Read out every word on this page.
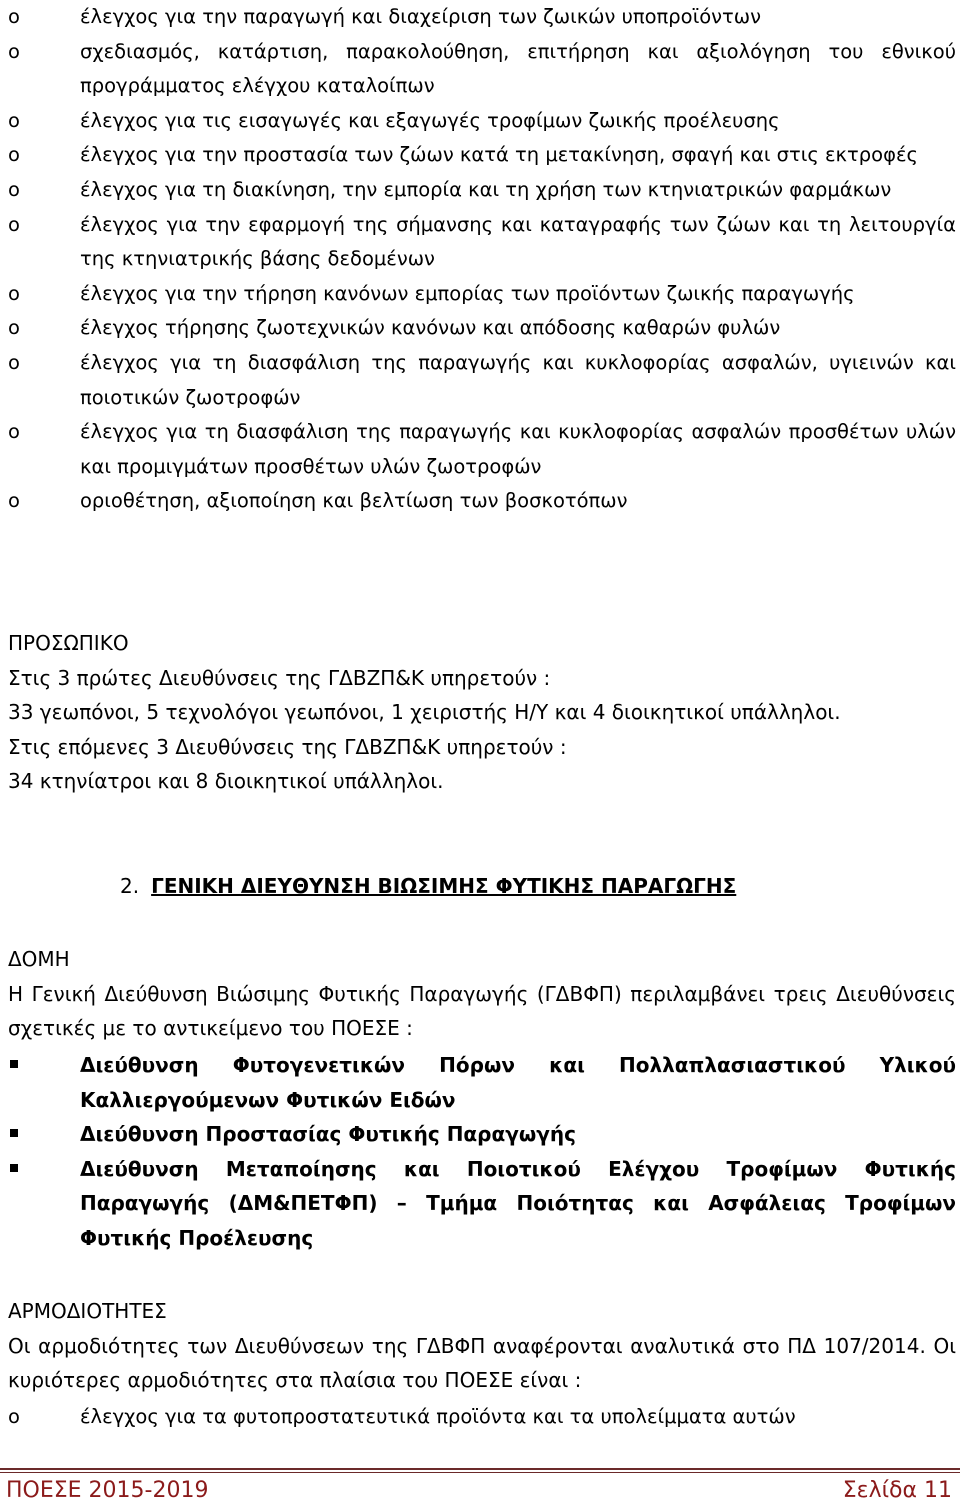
o	έλεγχος για την παραγωγή και διαχείριση των ζωικών υποπροϊόντων
o	σχεδιασμός, κατάρτιση, παρακολούθηση, επιτήρηση και αξιολόγηση του εθνικού προγράμματος ελέγχου καταλοίπων
o	έλεγχος για τις εισαγωγές και εξαγωγές τροφίμων ζωικής προέλευσης
o	έλεγχος για την προστασία των ζώων κατά τη μετακίνηση, σφαγή και στις εκτροφές
o	έλεγχος για τη διακίνηση, την εμπορία και τη χρήση των κτηνιατρικών φαρμάκων
o	έλεγχος για την εφαρμογή της σήμανσης και καταγραφής των ζώων και τη λειτουργία της κτηνιατρικής βάσης δεδομένων
o	έλεγχος για την τήρηση κανόνων εμπορίας των προϊόντων ζωικής παραγωγής
o	έλεγχος τήρησης ζωοτεχνικών κανόνων και απόδοσης καθαρών φυλών
o	έλεγχος για τη διασφάλιση της παραγωγής και κυκλοφορίας ασφαλών, υγιεινών και ποιοτικών ζωοτροφών
o	έλεγχος για τη διασφάλιση της παραγωγής και κυκλοφορίας ασφαλών προσθέτων υλών και προμιγμάτων προσθέτων υλών ζωοτροφών
o	οριοθέτηση, αξιοποίηση και βελτίωση των βοσκοτόπων

ΠΡΟΣΩΠΙΚΟ

Στις 3 πρώτες Διευθύνσεις της ΓΔΒΖΠ&Κ υπηρετούν :

33 γεωπόνοι, 5 τεχνολόγοι γεωπόνοι, 1 χειριστής Η/Υ και 4 διοικητικοί υπάλληλοι.

Στις επόμενες 3 Διευθύνσεις της ΓΔΒΖΠ&Κ υπηρετούν :

34 κτηνίατροι και 8 διοικητικοί υπάλληλοι.

2. ΓΕΝΙΚΗ ΔΙΕΥΘΥΝΣΗ ΒΙΩΣΙΜΗΣ ΦΥΤΙΚΗΣ ΠΑΡΑΓΩΓΗΣ

ΔΟΜΗ

Η Γενική Διεύθυνση Βιώσιμης Φυτικής Παραγωγής (ΓΔΒΦΠ) περιλαμβάνει τρεις Διευθύνσεις σχετικές με το αντικείμενο του ΠΟΕΣΕ :

Διεύθυνση Φυτογενετικών Πόρων και Πολλαπλασιαστικού Υλικού Καλλιεργούμενων Φυτικών Ειδών
Διεύθυνση Προστασίας Φυτικής Παραγωγής
Διεύθυνση Μεταποίησης και Ποιοτικού Ελέγχου Τροφίμων Φυτικής Παραγωγής (ΔΜ&ΠΕΤΦΠ) – Τμήμα Ποιότητας και Ασφάλειας Τροφίμων Φυτικής Προέλευσης

ΑΡΜΟΔΙΟΤΗΤΕΣ

Οι αρμοδιότητες των Διευθύνσεων της ΓΔΒΦΠ αναφέρονται αναλυτικά στο ΠΔ 107/2014. Οι κυριότερες αρμοδιότητες στα πλαίσια του ΠΟΕΣΕ είναι :

o	έλεγχος για τα φυτοπροστατευτικά προϊόντα και τα υπολείμματα αυτών
ΠΟΕΣΕ 2015-2019	Σελίδα 11
